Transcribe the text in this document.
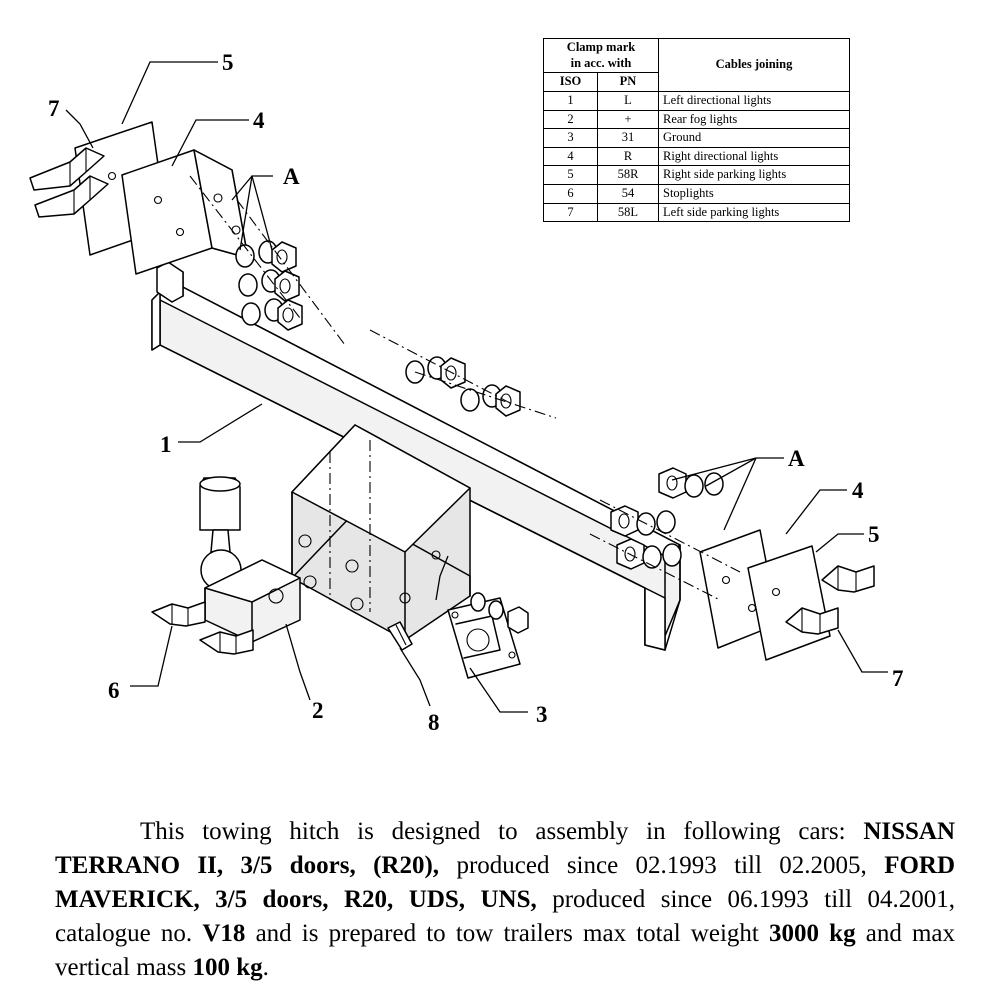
5
7	4
A
1
A
4
5
7
6
2	8	3
Clamp mark
in acc. with		Cables joining
ISO	PN	
1	L	Left directional lights
2	+	Rear fog lights
3	31	Ground
4	R	Right directional lights
5	58R	Right side parking lights
6	54	Stoplights
7	58L	Left side parking lights

This towing hitch is designed to assembly in following cars: NISSAN TERRANO II, 3/5 doors, (R20), produced since 02.1993 till 02.2005, FORD MAVERICK, 3/5 doors, R20, UDS, UNS, produced since 06.1993 till 04.2001, catalogue no. V18 and is prepared to tow trailers max total weight 3000 kg and max vertical mass 100 kg.
